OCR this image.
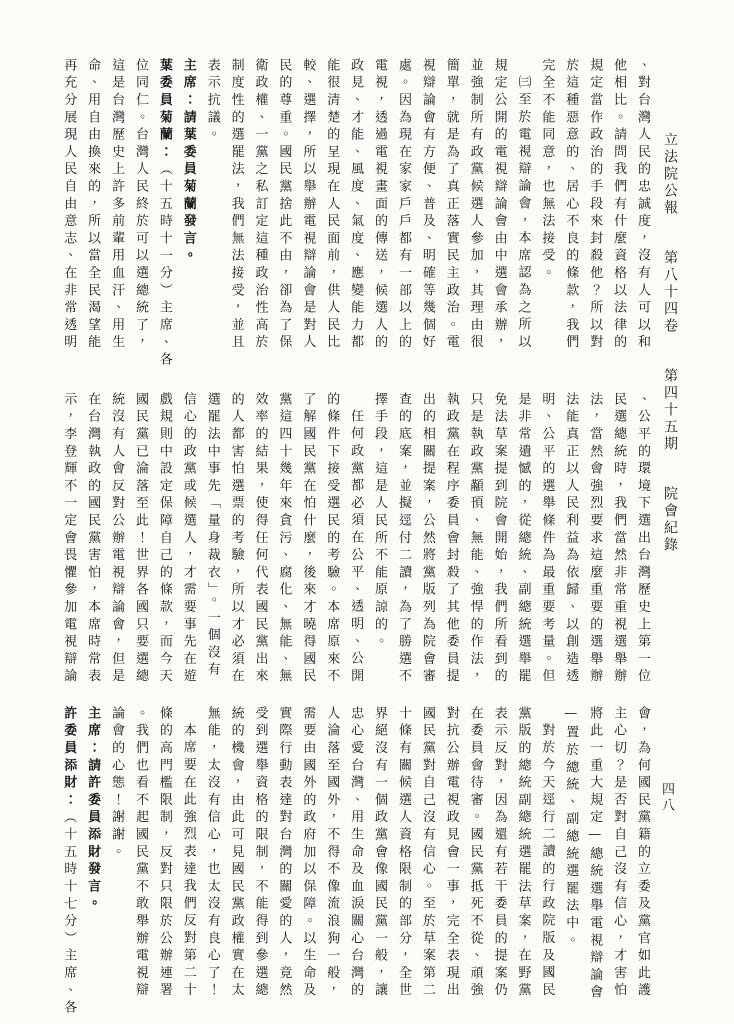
立法院公報 第八十四卷 第四十五期 院會紀錄
四八
、對台灣人民的忠誠度，沒有人可以和
他相比。請問我們有什麼資格以法律的
規定當作政治的手段來封殺他？所以對
於這種惡意的、居心不良的條款，我們
完全不能同意，也無法接受。
㈢至於電視辯論會，本席認為之所以
規定公開的電視辯論會由中選會承辦，
並強制所有政黨候選人參加，其理由很
簡單，就是為了真正落實民主政治。電
視辯論會有方便、普及、明確等幾個好
處。因為現在家家戶戶都有一部以上的
電視，透過電視畫面的傳送，候選人的
政見、才能、風度、氣度、應變能力都
能很清楚的呈現在人民面前，供人民比
較、選擇，所以舉辦電視辯論會是對人
民的尊重。國民黨捨此不由，卻為了保
衛政權、一黨之私訂定這種政治性高於
制度性的選罷法，我們無法接受，並且
表示抗議。
主席：請葉委員菊蘭發言。
葉委員菊蘭：（十五時十一分）主席、各
位同仁。台灣人民終於可以選總統了，
這是台灣歷史上許多前輩用血汗、用生
命、用自由換來的，所以當全民渴望能
再充分展現人民自由意志、在非常透明
、公平的環境下選出台灣歷史上第一位
民選總統時，我們當然非常重視選舉辦
法，當然會強烈要求這麼重要的選舉辦
法能真正以人民利益為依歸、以創造透
明、公平的選舉條件為最重要考量。但
是非常遺憾的，從總統、副總統選舉罷
免法草案提到院會開始，我們所看到的
只是執政黨顢頇、無能、強悍的作法，
執政黨在程序委員會封殺了其他委員提
出的相關提案，公然將黨版列為院會審
查的底案，並擬逕付二讀，為了勝選不
擇手段，這是人民所不能原諒的。
任何政黨都必須在公平、透明、公開
的條件下接受選民的考驗。本席原來不
了解國民黨在怕什麼，後來才曉得國民
黨這四十幾年來貪污、腐化、無能、無
效率的結果，使得任何代表國民黨出來
的人都害怕選票的考驗，所以才必須在
選罷法中事先「量身裁衣」。一個沒有
信心的政黨或候選人，才需要事先在遊
戲規則中設定保障自己的條款，而今天
國民黨已淪落至此！世界各國只要選總
統沒有人會反對公辦電視辯論會，但是
在台灣執政的國民黨害怕，本席時常表
示，李登輝不一定會畏懼參加電視辯論
會，為何國民黨籍的立委及黨官如此護
主心切？是否對自己沒有信心，才害怕
將此一重大規定—總統選舉電視辯論會
—置於總統、副總統選罷法中。
對於今天逕行二讀的行政院版及國民
黨版的總統副總統選罷法草案，在野黨
表示反對，因為還有若干委員的提案仍
在委員會待審。國民黨抵死不從、頑強
對抗公辦電視政見會一事，完全表現出
國民黨對自己沒有信心。至於草案第二
十條有關候選人資格限制的部分，全世
界絕沒有一個政黨會像國民黨一般，讓
忠心愛台灣、用生命及血淚關心台灣的
人淪落至國外，不得不像流浪狗一般，
需要由國外的政府加以保障。以生命及
實際行動表達對台灣的關愛的人，竟然
受到選舉資格的限制，不能得到參選總
統的機會，由此可見國民黨政權實在太
無能，太沒有信心，也太沒有良心了！
本席要在此強烈表達我們反對第二十
條的高門檻限制，反對只限於公辦連署
。我們也看不起國民黨不敢舉辦電視辯
論會的心態！謝謝。
主席：請許委員添財發言。
許委員添財：（十五時十七分）主席、各
